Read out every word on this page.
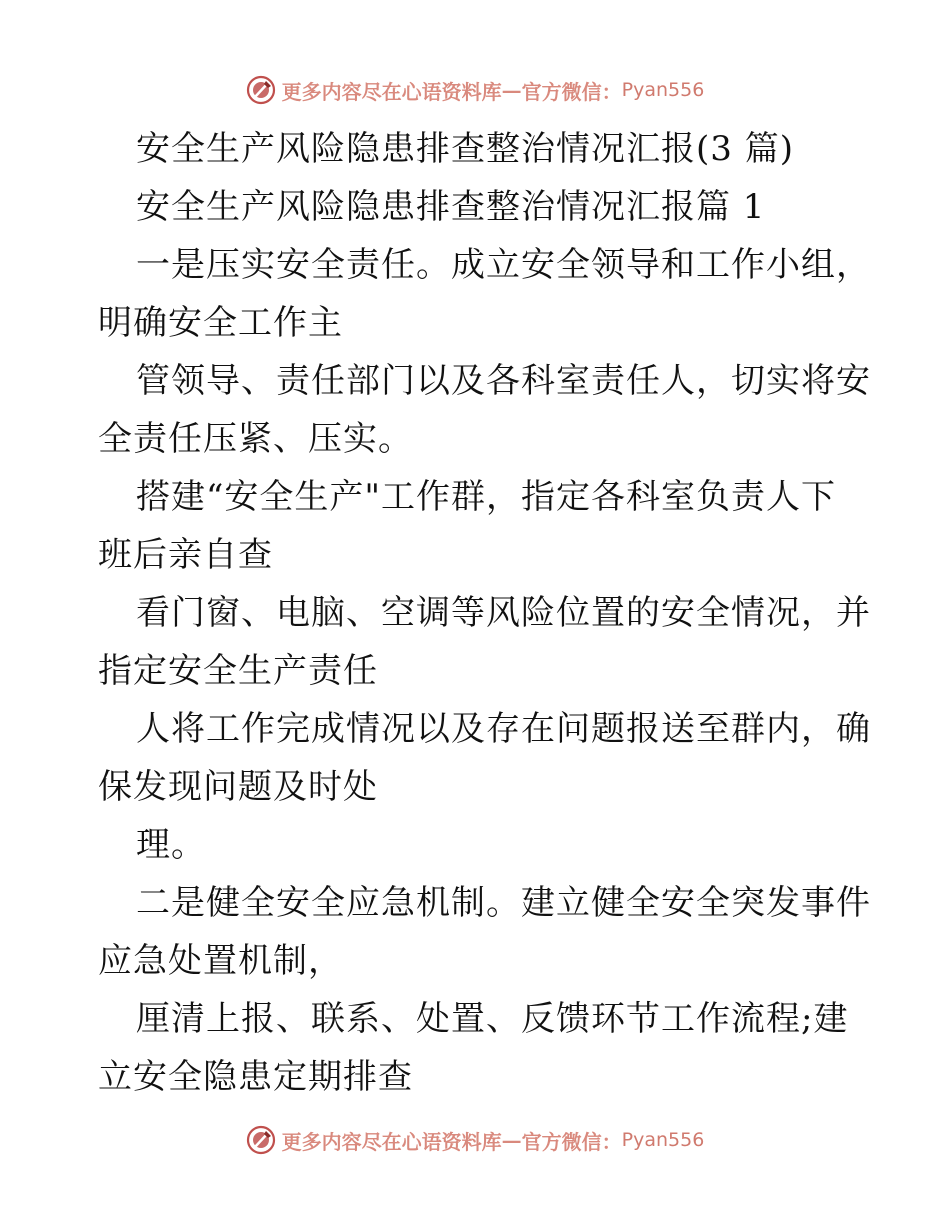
更多内容尽在心语资料库 — 官方微信： Pyan556

安全生产风险隐患排查整治情况汇报(3 篇)

安全生产风险隐患排查整治情况汇报篇 1

一是压实安全责任。成立安全领导和工作小组，

明确安全工作主

管领导、责任部门以及各科室责任人，切实将安

全责任压紧、压实。

搭建“安全生产"工作群，指定各科室负责人下

班后亲自查

看门窗、电脑、空调等风险位置的安全情况，并

指定安全生产责任

人将工作完成情况以及存在问题报送至群内，确

保发现问题及时处

理。

二是健全安全应急机制。建立健全安全突发事件

应急处置机制，

厘清上报、联系、处置、反馈环节工作流程;建

立安全隐患定期排查

更多内容尽在心语资料库 — 官方微信： Pyan556
